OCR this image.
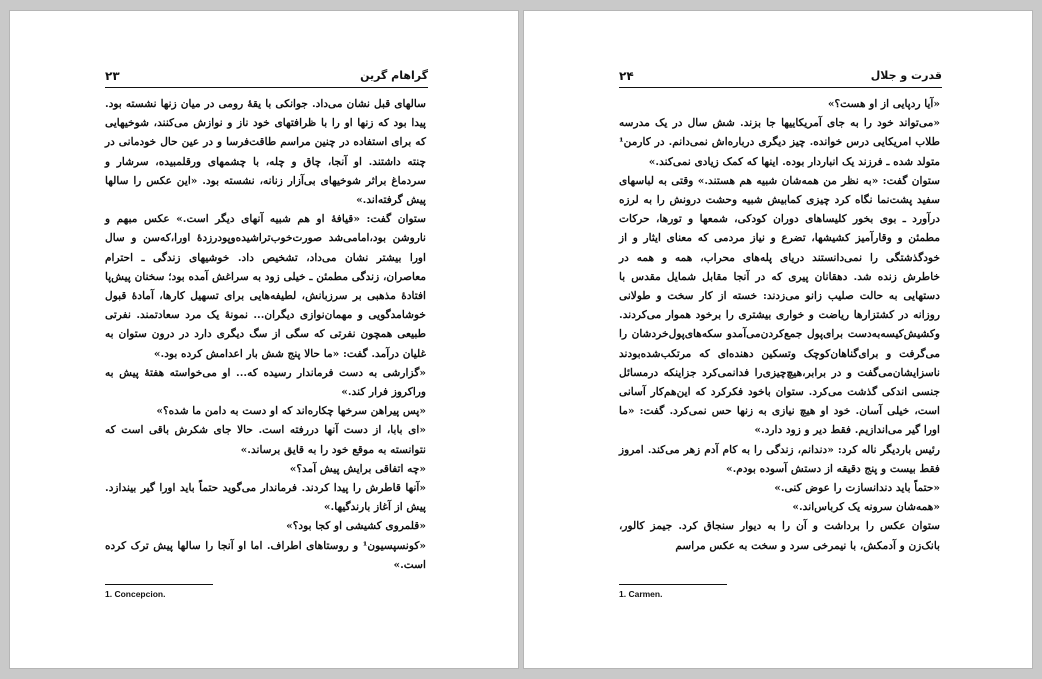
گراهام گرین
۲۳

سالهای قبل نشان می‌داد. جوانکی با یقهٔ رومی در میان زنها نشسته بود. پیدا بود که زنها او را با ظرافتهای خود ناز و نوازش می‌کنند، شوخیهایی که برای استفاده در چنین مراسم طاقت‌فرسا و در عین حال خودمانی در چنته داشتند. او آنجا، چاق و چله، با چشمهای ورقلمبیده، سرشار و سردماغ براثر شوخیهای بی‌آزار زنانه، نشسته بود. «این عکس را سالها پیش گرفته‌اند.»

ستوان گفت: «قیافهٔ او هم شبیه آنهای دیگر است.» عکس مبهم و ناروشن بود،امامی‌شد صورت‌خوب‌تراشیده‌وپودرزدهٔ اورا،که‌سن و سال اورا بیشتر نشان می‌داد، تشخیص داد. خوشیهای زندگی ـ احترام معاصران، زندگی مطمئن ـ خیلی زود به سراغش آمده بود؛ سخنان پیش‌پا افتادهٔ مذهبی بر سرزبانش، لطیفه‌هایی برای تسهیل کارها، آمادهٔ قبول خوشامدگویی و مهمان‌نوازی دیگران... نمونهٔ یک مرد سعادتمند. نفرتی طبیعی همچون نفرتی که سگی از سگ دیگری دارد در درون ستوان به غلیان درآمد. گفت: «ما حالا پنج شش بار اعدامش کرده بود.»

«گزارشی به دست فرماندار رسیده که... او می‌خواسته هفتهٔ پیش به وراکروز فرار کند.»

«پس پیراهن سرخها چکاره‌اند که او دست به دامن ما شده؟»

«ای بابا، از دست آنها دررفته است. حالا جای شکرش باقی است که نتوانسته به موقع خود را به قایق برساند.»

«چه اتفاقی برایش پیش آمد؟»

«آنها قاطرش را پیدا کردند. فرماندار می‌گوید حتماً باید اورا گیر بیندازد. پیش از آغاز بارندگیها.»

«قلمروی کشیشی او کجا بود؟»

«کونسپسیون¹ و روستاهای اطراف. اما او آنجا را سالها پیش ترک کرده است.»

1. Concepcion.
قدرت و جلال
۲۴

«آیا ردپایی از او هست؟»

«می‌تواند خود را به جای آمریکاییها جا بزند. شش سال در یک مدرسه طلاب امریکایی درس خوانده. چیز دیگری درباره‌اش نمی‌دانم. در کارمن¹ متولد شده ـ فرزند یک انباردار بوده. اینها که کمک زیادی نمی‌کند.»

ستوان گفت: «به نظر من همه‌شان شبیه هم هستند.» وقتی به لباسهای سفید پشت‌نما نگاه کرد چیزی کمابیش شبیه وحشت درونش را به لرزه درآورد ـ بوی بخور کلیساهای دوران کودکی، شمعها و تورها، حرکات مطمئن و وقارآمیز کشیشها، تضرع و نیاز مردمی که معنای ایثار و از خودگذشتگی را نمی‌دانستند دریای پله‌های محراب، همه و همه در خاطرش زنده شد. دهقانان پیری که در آنجا مقابل شمایل مقدس با دستهایی به حالت صلیب زانو می‌زدند: خسته از کار سخت و طولانی روزانه در کشتزارها ریاضت و خواری بیشتری را برخود هموار می‌کردند. وکشیش‌کیسه‌به‌دست برای‌پول جمع‌کردن‌می‌آمدو سکه‌های‌پول‌خردشان را می‌گرفت و برای‌گناهان‌کوچک وتسکین دهنده‌ای که مرتکب‌شده‌بودند ناسزایشان‌می‌گفت و در برابر،هیچ‌چیزی‌را فدانمی‌کرد جزاینکه درمسائل جنسی اندکی گذشت می‌کرد. ستوان باخود فکرکرد که این‌هم‌کار آسانی است، خیلی آسان. خود او هیچ نیازی به زنها حس نمی‌کرد. گفت: «ما اورا گیر می‌اندازیم. فقط دیر و زود دارد.»

رئیس باردیگر ناله کرد: «دندانم، زندگی را به کام آدم زهر می‌کند. امروز فقط بیست و پنج دقیقه از دستش آسوده بودم.»

«حتماً باید دندانسازت را عوض کنی.»

«همه‌شان سرونه یک کرباس‌اند.»

ستوان عکس را برداشت و آن را به دیوار سنجاق کرد. جیمز کالور، بانک‌زن و آدمکش، با نیمرخی سرد و سخت به عکس مراسم

1. Carmen.
